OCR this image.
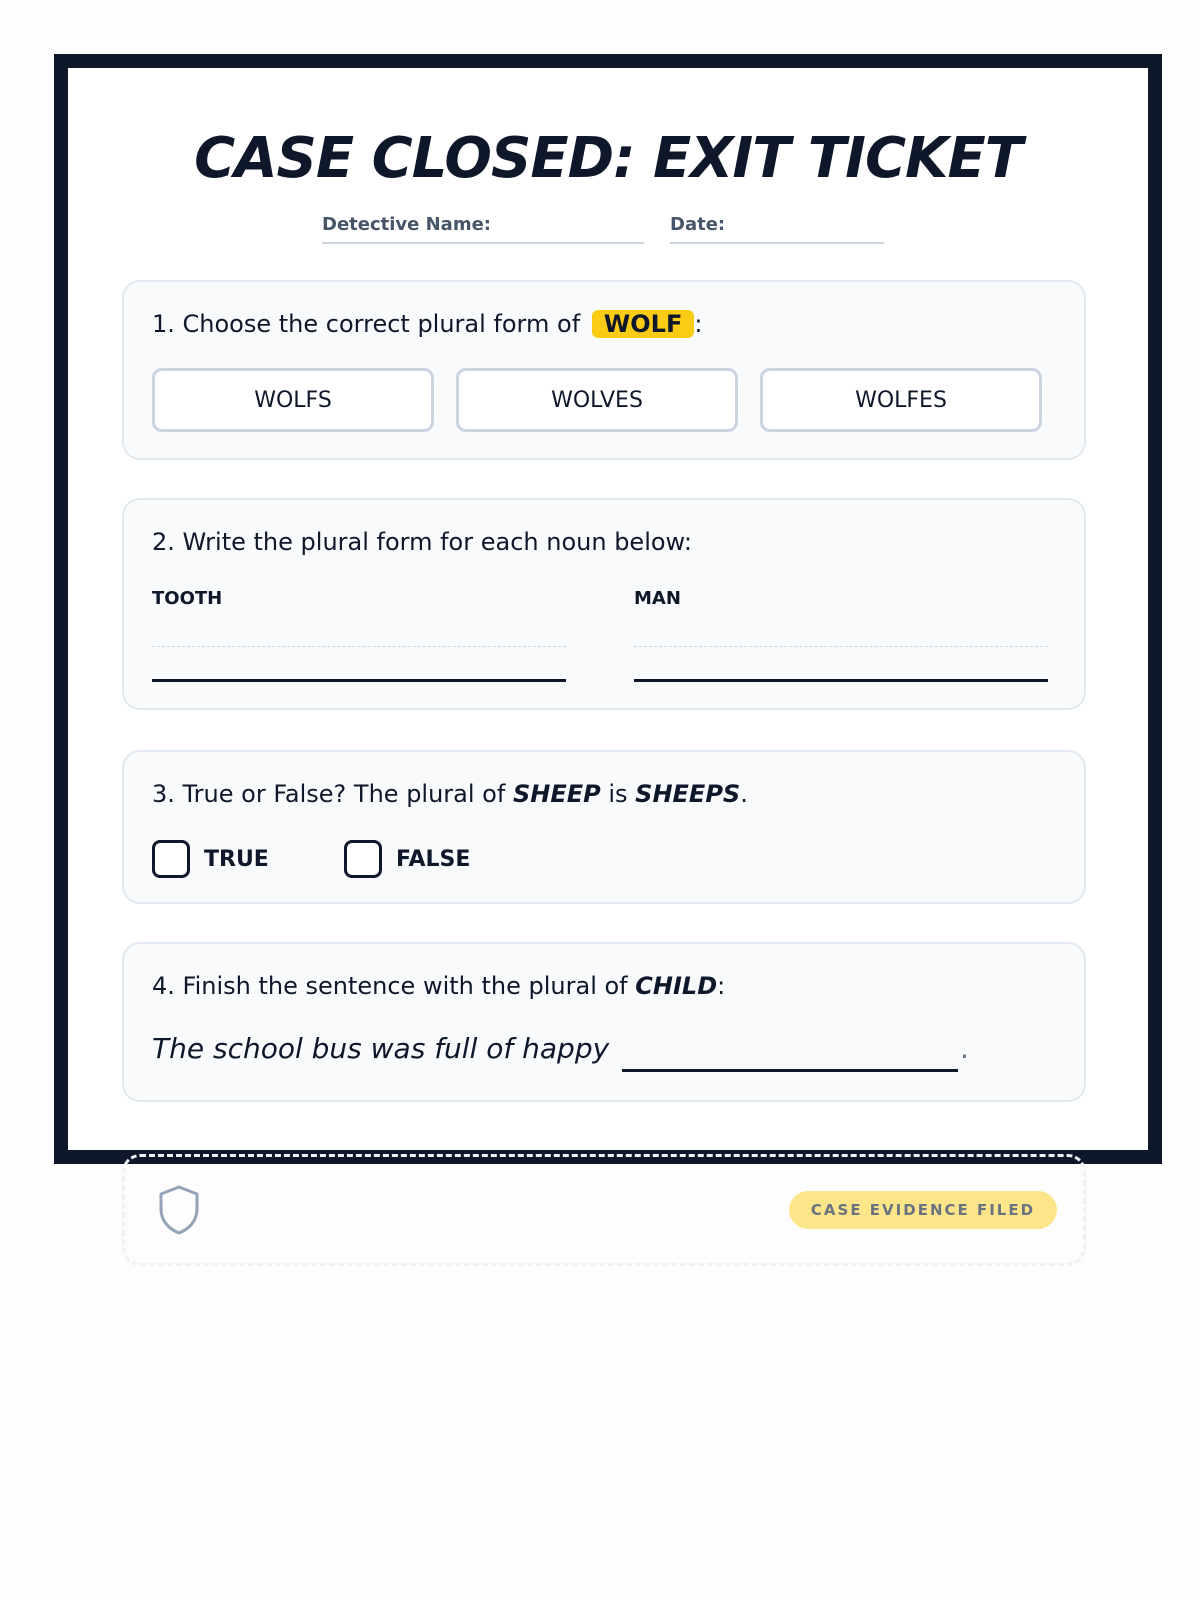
CASE CLOSED: EXIT TICKET
Detective Name:	Date:
1. Choose the correct plural form of WOLF :
WOLFS	WOLVES	WOLFES
2. Write the plural form for each noun below:
TOOTH	MAN
3. True or False? The plural of SHEEP is SHEEPS.
TRUE	FALSE
4. Finish the sentence with the plural of CHILD:
The school bus was full of happy	.
CASE EVIDENCE FILED
